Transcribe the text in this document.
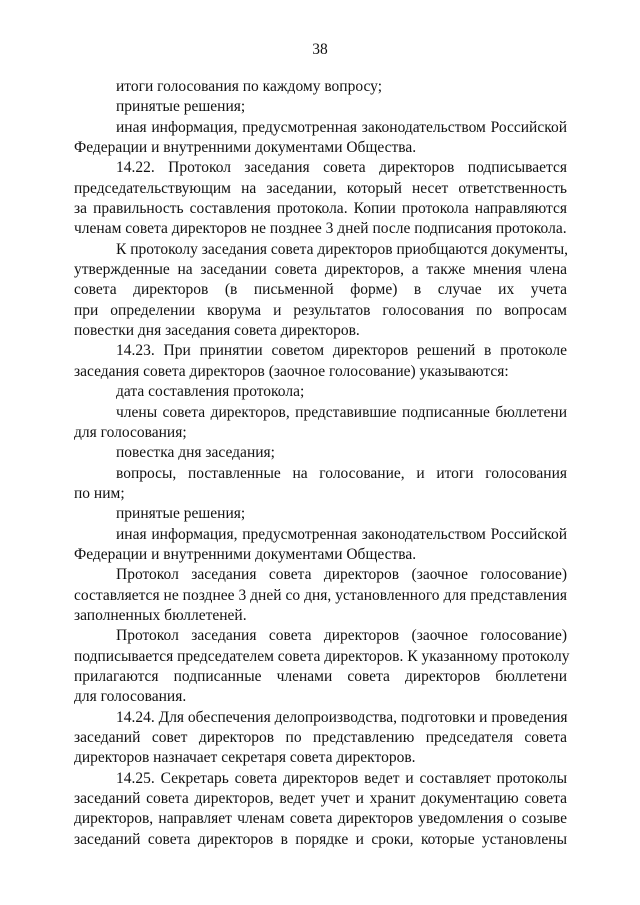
38
итоги голосования по каждому вопросу;
принятые решения;
иная информация, предусмотренная законодательством Российской
Федерации и внутренними документами Общества.
14.22. Протокол заседания совета директоров подписывается
председательствующим на заседании, который несет ответственность
за правильность составления протокола. Копии протокола направляются
членам совета директоров не позднее 3 дней после подписания протокола.
К протоколу заседания совета директоров приобщаются документы,
утвержденные на заседании совета директоров, а также мнения члена
совета директоров (в письменной форме) в случае их учета
при определении кворума и результатов голосования по вопросам
повестки дня заседания совета директоров.
14.23. При принятии советом директоров решений в протоколе
заседания совета директоров (заочное голосование) указываются:
дата составления протокола;
члены совета директоров, представившие подписанные бюллетени
для голосования;
повестка дня заседания;
вопросы, поставленные на голосование, и итоги голосования
по ним;
принятые решения;
иная информация, предусмотренная законодательством Российской
Федерации и внутренними документами Общества.
Протокол заседания совета директоров (заочное голосование)
составляется не позднее 3 дней со дня, установленного для представления
заполненных бюллетеней.
Протокол заседания совета директоров (заочное голосование)
подписывается председателем совета директоров. К указанному протоколу
прилагаются подписанные членами совета директоров бюллетени
для голосования.
14.24. Для обеспечения делопроизводства, подготовки и проведения
заседаний совет директоров по представлению председателя совета
директоров назначает секретаря совета директоров.
14.25. Секретарь совета директоров ведет и составляет протоколы
заседаний совета директоров, ведет учет и хранит документацию совета
директоров, направляет членам совета директоров уведомления о созыве
заседаний совета директоров в порядке и сроки, которые установлены
